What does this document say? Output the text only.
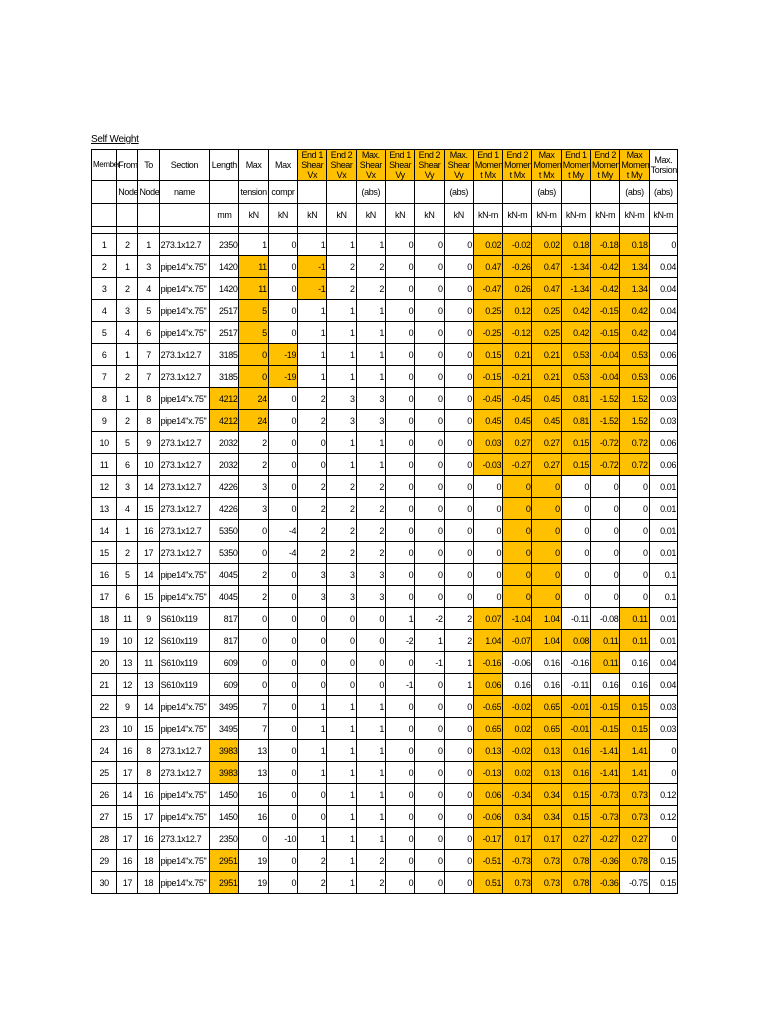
Self Weight
Member	From	To	Section	Length	Max	Max	End 1 Shear Vx	End 2 Shear Vx	Max. Shear Vx	End 1 Shear Vy	End 2 Shear Vy	Max. Shear Vy	End 1 Momen t Mx	End 2 Momen t Mx	Max Momen t Mx	End 1 Momen t My	End 2 Momen t My	Max Momen t My	Max. Torsion
	Node	Node	name		tension	compr			(abs)			(abs)			(abs)			(abs)	(abs)
				mm	kN	kN	kN	kN	kN	kN	kN	kN	kN-m	kN-m	kN-m	kN-m	kN-m	kN-m	kN-m

1	2	1	273.1x12.7	2350	1	0	1	1	1	0	0	0	0.02	-0.02	0.02	0.18	-0.18	0.18	0
2	1	3	pipe14"x.75"	1420	11	0	-1	2	2	0	0	0	0.47	-0.26	0.47	-1.34	-0.42	1.34	0.04
3	2	4	pipe14"x.75"	1420	11	0	-1	2	2	0	0	0	-0.47	0.26	0.47	-1.34	-0.42	1.34	0.04
4	3	5	pipe14"x.75"	2517	5	0	1	1	1	0	0	0	0.25	0.12	0.25	0.42	-0.15	0.42	0.04
5	4	6	pipe14"x.75"	2517	5	0	1	1	1	0	0	0	-0.25	-0.12	0.25	0.42	-0.15	0.42	0.04
6	1	7	273.1x12.7	3185	0	-19	1	1	1	0	0	0	0.15	0.21	0.21	0.53	-0.04	0.53	0.06
7	2	7	273.1x12.7	3185	0	-19	1	1	1	0	0	0	-0.15	-0.21	0.21	0.53	-0.04	0.53	0.06
8	1	8	pipe14"x.75"	4212	24	0	2	3	3	0	0	0	-0.45	-0.45	0.45	0.81	-1.52	1.52	0.03
9	2	8	pipe14"x.75"	4212	24	0	2	3	3	0	0	0	0.45	0.45	0.45	0.81	-1.52	1.52	0.03
10	5	9	273.1x12.7	2032	2	0	0	1	1	0	0	0	0.03	0.27	0.27	0.15	-0.72	0.72	0.06
11	6	10	273.1x12.7	2032	2	0	0	1	1	0	0	0	-0.03	-0.27	0.27	0.15	-0.72	0.72	0.06
12	3	14	273.1x12.7	4226	3	0	2	2	2	0	0	0	0	0	0	0	0	0	0.01
13	4	15	273.1x12.7	4226	3	0	2	2	2	0	0	0	0	0	0	0	0	0	0.01
14	1	16	273.1x12.7	5350	0	-4	2	2	2	0	0	0	0	0	0	0	0	0	0.01
15	2	17	273.1x12.7	5350	0	-4	2	2	2	0	0	0	0	0	0	0	0	0	0.01
16	5	14	pipe14"x.75"	4045	2	0	3	3	3	0	0	0	0	0	0	0	0	0	0.1
17	6	15	pipe14"x.75"	4045	2	0	3	3	3	0	0	0	0	0	0	0	0	0	0.1
18	11	9	S610x119	817	0	0	0	0	0	1	-2	2	0.07	-1.04	1.04	-0.11	-0.08	0.11	0.01
19	10	12	S610x119	817	0	0	0	0	0	-2	1	2	1.04	-0.07	1.04	0.08	0.11	0.11	0.01
20	13	11	S610x119	609	0	0	0	0	0	0	-1	1	-0.16	-0.06	0.16	-0.16	0.11	0.16	0.04
21	12	13	S610x119	609	0	0	0	0	0	-1	0	1	0.06	0.16	0.16	-0.11	0.16	0.16	0.04
22	9	14	pipe14"x.75"	3495	7	0	1	1	1	0	0	0	-0.65	-0.02	0.65	-0.01	-0.15	0.15	0.03
23	10	15	pipe14"x.75"	3495	7	0	1	1	1	0	0	0	0.65	0.02	0.65	-0.01	-0.15	0.15	0.03
24	16	8	273.1x12.7	3983	13	0	1	1	1	0	0	0	0.13	-0.02	0.13	0.16	-1.41	1.41	0
25	17	8	273.1x12.7	3983	13	0	1	1	1	0	0	0	-0.13	0.02	0.13	0.16	-1.41	1.41	0
26	14	16	pipe14"x.75"	1450	16	0	0	1	1	0	0	0	0.06	-0.34	0.34	0.15	-0.73	0.73	0.12
27	15	17	pipe14"x.75"	1450	16	0	0	1	1	0	0	0	-0.06	0.34	0.34	0.15	-0.73	0.73	0.12
28	17	16	273.1x12.7	2350	0	-10	1	1	1	0	0	0	-0.17	0.17	0.17	0.27	-0.27	0.27	0
29	16	18	pipe14"x.75"	2951	19	0	2	1	2	0	0	0	-0.51	-0.73	0.73	0.78	-0.36	0.78	0.15
30	17	18	pipe14"x.75"	2951	19	0	2	1	2	0	0	0	0.51	0.73	0.73	0.78	-0.36	-0.75	0.15
